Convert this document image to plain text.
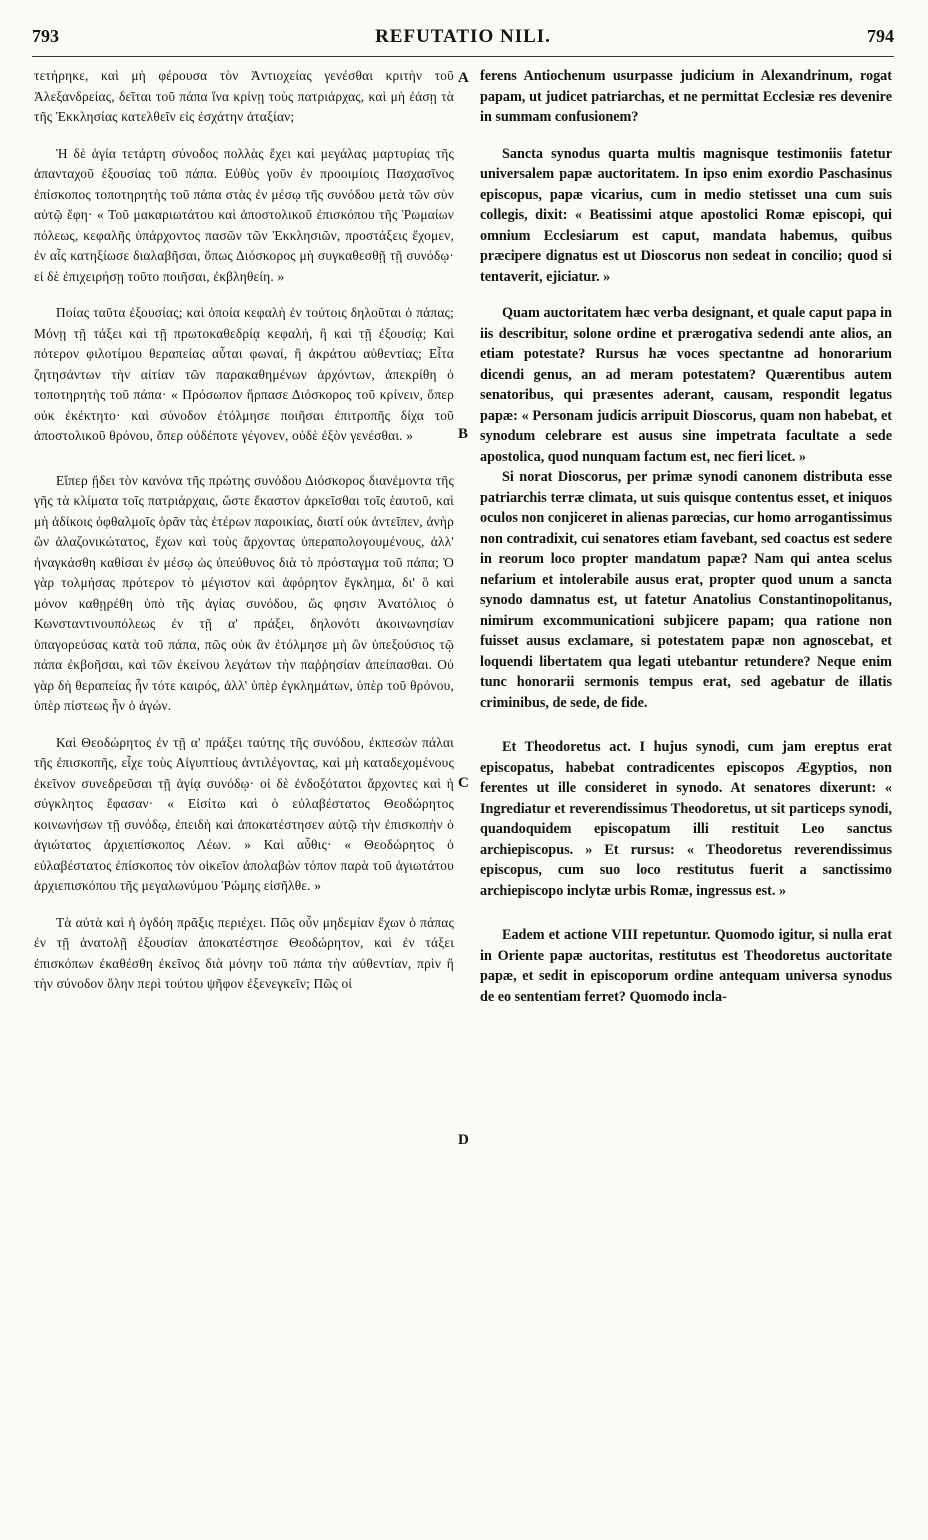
793	REFUTATIO NILI.	794
A
B
C
D

τετήρηκε, καὶ μὴ φέρουσα τὸν Ἀντιοχείας γενέσθαι κριτὴν τοῦ Ἀλεξανδρείας, δεῖται τοῦ πάπα ἵνα κρίνῃ τοὺς πατριάρχας, καὶ μὴ ἐάσῃ τὰ τῆς Ἐκκλησίας κατελθεῖν εἰς ἐσχάτην ἀταξίαν;

Ἡ δὲ ἁγία τετάρτη σύνοδος πολλὰς ἔχει καὶ μεγάλας μαρτυρίας τῆς ἁπανταχοῦ ἐξουσίας τοῦ πάπα. Εὐθὺς γοῦν ἐν προοιμίοις Πασχασῖνος ἐπίσκοπος τοποτηρητὴς τοῦ πάπα στὰς ἐν μέσῳ τῆς συνόδου μετὰ τῶν σὺν αὐτῷ ἔφη· « Τοῦ μακαριωτάτου καὶ ἀποστολικοῦ ἐπισκόπου τῆς Ῥωμαίων πόλεως, κεφαλῆς ὑπάρχοντος πασῶν τῶν Ἐκκλησιῶν, προστάξεις ἔχομεν, ἐν αἷς κατηξίωσε διαλαβῆσαι, ὅπως Διόσκορος μὴ συγκαθεσθῇ τῇ συνόδῳ· εἰ δὲ ἐπιχειρήσῃ τοῦτο ποιῆσαι, ἐκβληθείη. »

Ποίας ταῦτα ἐξουσίας; καὶ ὁποία κεφαλὴ ἐν τούτοις δηλοῦται ὁ πάπας; Μόνῃ τῇ τάξει καὶ τῇ πρωτοκαθεδρίᾳ κεφαλή, ἢ καὶ τῇ ἐξουσίᾳ; Καὶ πότερον φιλοτίμου θεραπείας αὗται φωναί, ἢ ἀκράτου αὐθεντίας; Εἶτα ζητησάντων τὴν αἰτίαν τῶν παρακαθημένων ἀρχόντων, ἀπεκρίθη ὁ τοποτηρητὴς τοῦ πάπα· « Πρόσωπον ἥρπασε Διόσκορος τοῦ κρίνειν, ὅπερ οὐκ ἐκέκτητο· καὶ σύνοδον ἐτόλμησε ποιῆσαι ἐπιτροπῆς δίχα τοῦ ἀποστολικοῦ θρόνου, ὅπερ οὐδέποτε γέγονεν, οὐδὲ ἐξὸν γενέσθαι. »

Εἴπερ ᾔδει τὸν κανόνα τῆς πρώτης συνόδου Διόσκορος διανέμοντα τῆς γῆς τὰ κλίματα τοῖς πατριάρχαις, ὥστε ἕκαστον ἀρκεῖσθαι τοῖς ἑαυτοῦ, καὶ μὴ ἀδίκοις ὀφθαλμοῖς ὁρᾶν τὰς ἑτέρων παροικίας, διατί οὐκ ἀντεῖπεν, ἀνὴρ ὢν ἀλαζονικώτατος, ἔχων καὶ τοὺς ἄρχοντας ὑπεραπολογουμένους, ἀλλ' ἠναγκάσθη καθίσαι ἐν μέσῳ ὡς ὑπεύθυνος διὰ τὸ πρόσταγμα τοῦ πάπα; Ὁ γὰρ τολμήσας πρότερον τὸ μέγιστον καὶ ἀφόρητον ἔγκλημα, δι' ὃ καὶ μόνον καθῃρέθη ὑπὸ τῆς ἁγίας συνόδου, ὥς φησιν Ἀνατόλιος ὁ Κωνσταντινουπόλεως ἐν τῇ α' πράξει, δηλονότι ἀκοινωνησίαν ὑπαγορεύσας κατὰ τοῦ πάπα, πῶς οὐκ ἂν ἐτόλμησε μὴ ὢν ὑπεξούσιος τῷ πάπα ἐκβοῆσαι, καὶ τῶν ἐκείνου λεγάτων τὴν παῤῥησίαν ἀπείπασθαι. Οὐ γὰρ δὴ θεραπείας ἦν τότε καιρός, ἀλλ' ὑπὲρ ἐγκλημάτων, ὑπὲρ τοῦ θρόνου, ὑπὲρ πίστεως ἦν ὁ ἀγών.

Καὶ Θεοδώρητος ἐν τῇ α' πράξει ταύτης τῆς συνόδου, ἐκπεσὼν πάλαι τῆς ἐπισκοπῆς, εἶχε τοὺς Αἰγυπτίους ἀντιλέγοντας, καὶ μὴ καταδεχομένους ἐκεῖνον συνεδρεῦσαι τῇ ἁγίᾳ συνόδῳ· οἱ δὲ ἐνδοξότατοι ἄρχοντες καὶ ἡ σύγκλητος ἔφασαν· « Εἰσίτω καὶ ὁ εὐλαβέστατος Θεοδώρητος κοινωνήσων τῇ συνόδῳ, ἐπειδὴ καὶ ἀποκατέστησεν αὐτῷ τὴν ἐπισκοπὴν ὁ ἁγιώτατος ἀρχιεπίσκοπος Λέων. » Καὶ αὖθις· « Θεοδώρητος ὁ εὐλαβέστατος ἐπίσκοπος τὸν οἰκεῖον ἀπολαβὼν τόπον παρὰ τοῦ ἁγιωτάτου ἀρχιεπισκόπου τῆς μεγαλωνύμου Ῥώμης εἰσῆλθε. »

Τὰ αὐτὰ καὶ ἡ ὀγδόη πρᾶξις περιέχει. Πῶς οὖν μηδεμίαν ἔχων ὁ πάπας ἐν τῇ ἀνατολῇ ἐξουσίαν ἀποκατέστησε Θεοδώρητον, καὶ ἐν τάξει ἐπισκόπων ἐκαθέσθη ἐκεῖνος διὰ μόνην τοῦ πάπα τὴν αὐθεντίαν, πρὶν ἢ τὴν σύνοδον ὅλην περὶ τούτου ψῆφον ἐξενεγκεῖν; Πῶς οἱ

ferens Antiochenum usurpasse judicium in Alexandrinum, rogat papam, ut judicet patriarchas, et ne permittat Ecclesiæ res devenire in summam confusionem?

Sancta synodus quarta multis magnisque testimoniis fatetur universalem papæ auctoritatem. In ipso enim exordio Paschasinus episcopus, papæ vicarius, cum in medio stetisset una cum suis collegis, dixit: « Beatissimi atque apostolici Romæ episcopi, qui omnium Ecclesiarum est caput, mandata habemus, quibus præcipere dignatus est ut Dioscorus non sedeat in concilio; quod si tentaverit, ejiciatur. »

Quam auctoritatem hæc verba designant, et quale caput papa in iis describitur, solone ordine et prærogativa sedendi ante alios, an etiam potestate? Rursus hæ voces spectantne ad honorarium dicendi genus, an ad meram potestatem? Quærentibus autem senatoribus, qui præsentes aderant, causam, respondit legatus papæ: « Personam judicis arripuit Dioscorus, quam non habebat, et synodum celebrare est ausus sine impetrata facultate a sede apostolica, quod nunquam factum est, nec fieri licet. »

Si norat Dioscorus, per primæ synodi canonem distributa esse patriarchis terræ climata, ut suis quisque contentus esset, et iniquos oculos non conjiceret in alienas parœcias, cur homo arrogantissimus non contradixit, cui senatores etiam favebant, sed coactus est sedere in reorum loco propter mandatum papæ? Nam qui antea scelus nefarium et intolerabile ausus erat, propter quod unum a sancta synodo damnatus est, ut fatetur Anatolius Constantinopolitanus, nimirum excommunicationi subjicere papam; qua ratione non fuisset ausus exclamare, si potestatem papæ non agnoscebat, et loquendi libertatem qua legati utebantur retundere? Neque enim tunc honorarii sermonis tempus erat, sed agebatur de illatis criminibus, de sede, de fide.

Et Theodoretus act. I hujus synodi, cum jam ereptus erat episcopatus, habebat contradicentes episcopos Ægyptios, non ferentes ut ille consideret in synodo. At senatores dixerunt: « Ingrediatur et reverendissimus Theodoretus, ut sit particeps synodi, quandoquidem episcopatum illi restituit Leo sanctus archiepiscopus. » Et rursus: « Theodoretus reverendissimus episcopus, cum suo loco restitutus fuerit a sanctissimo archiepiscopo inclytæ urbis Romæ, ingressus est. »

Eadem et actione VIII repetuntur. Quomodo igitur, si nulla erat in Oriente papæ auctoritas, restitutus est Theodoretus auctoritate papæ, et sedit in episcoporum ordine antequam universa synodus de eo sententiam ferret? Quomodo incla-
